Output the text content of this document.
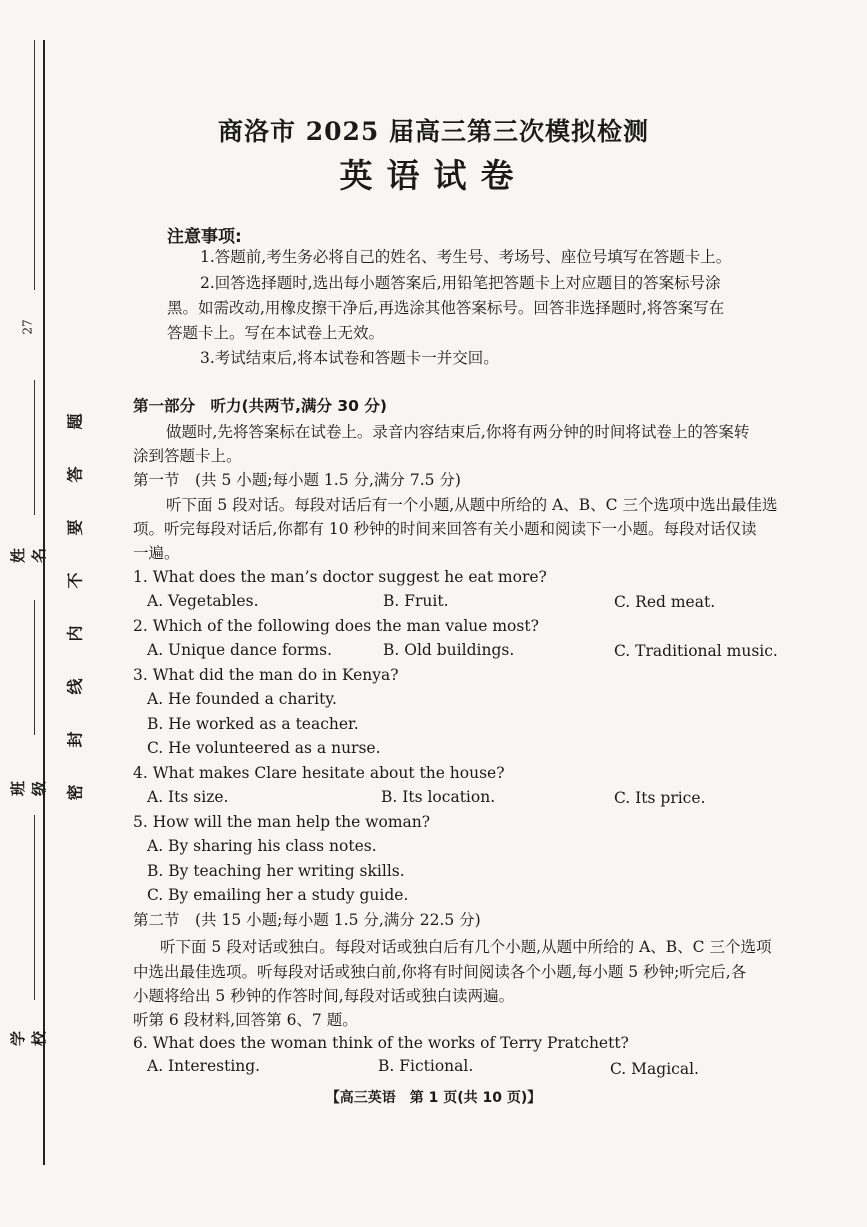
27
姓名
班级
学校
题
答
要
不
内
线
封
密
商洛市 2025 届高三第三次模拟检测
英语试卷
注意事项:
1.答题前,考生务必将自己的姓名、考生号、考场号、座位号填写在答题卡上。
2.回答选择题时,选出每小题答案后,用铅笔把答题卡上对应题目的答案标号涂
黑。如需改动,用橡皮擦干净后,再选涂其他答案标号。回答非选择题时,将答案写在
答题卡上。写在本试卷上无效。
3.考试结束后,将本试卷和答题卡一并交回。
第一部分　听力(共两节,满分 30 分)
做题时,先将答案标在试卷上。录音内容结束后,你将有两分钟的时间将试卷上的答案转
涂到答题卡上。
第一节　(共 5 小题;每小题 1.5 分,满分 7.5 分)
听下面 5 段对话。每段对话后有一个小题,从题中所给的 A、B、C 三个选项中选出最佳选
项。听完每段对话后,你都有 10 秒钟的时间来回答有关小题和阅读下一小题。每段对话仅读
一遍。
1. What does the man’s doctor suggest he eat more?
A. Vegetables.	B. Fruit.	C. Red meat.
2. Which of the following does the man value most?
A. Unique dance forms.	B. Old buildings.	C. Traditional music.
3. What did the man do in Kenya?
A. He founded a charity.
B. He worked as a teacher.
C. He volunteered as a nurse.
4. What makes Clare hesitate about the house?
A. Its size.	B. Its location.	C. Its price.
5. How will the man help the woman?
A. By sharing his class notes.
B. By teaching her writing skills.
C. By emailing her a study guide.
第二节　(共 15 小题;每小题 1.5 分,满分 22.5 分)
听下面 5 段对话或独白。每段对话或独白后有几个小题,从题中所给的 A、B、C 三个选项
中选出最佳选项。听每段对话或独白前,你将有时间阅读各个小题,每小题 5 秒钟;听完后,各
小题将给出 5 秒钟的作答时间,每段对话或独白读两遍。
听第 6 段材料,回答第 6、7 题。
6. What does the woman think of the works of Terry Pratchett?
A. Interesting.	B. Fictional.	C. Magical.
【高三英语　第 1 页(共 10 页)】
